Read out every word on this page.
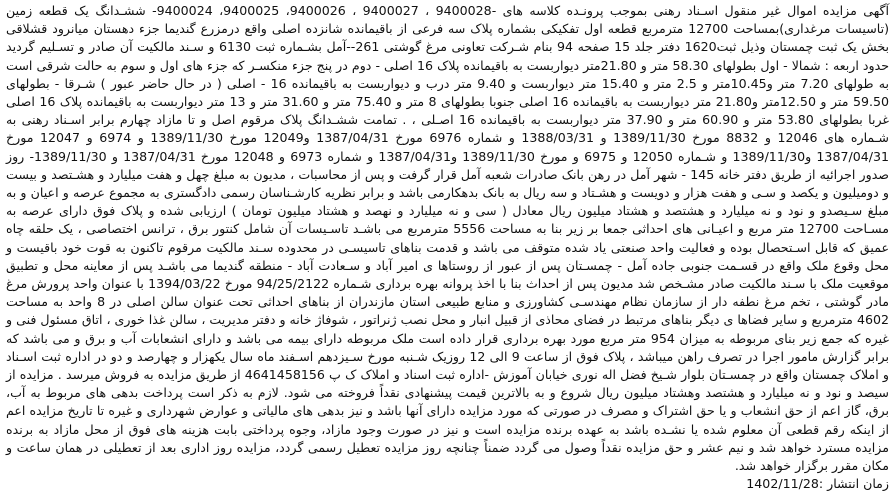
آگهی مزایده اموال غیر منقول اسـناد رهنی بموجب پرونـده کلاسه های -9400028 ، 9400027 ، 9400026، 9400025، 9400024- ششـدانگ یک قطعه زمین (تاسیسات مرغداری)بمساحت 12700 مترمربع قطعه اول تفکیکی بشماره پلاک سه فرعی از باقیمانده شانزده اصلی واقع درمزرع گندیما جزء دهستان میانرود قشلاقی بخش یک ثبت چمستان وذیل ثبت1620 دفتر جلد 15 صفحه 94 بنام شـرکت تعاونی مرغ گوشتی 261--آمل بشـماره ثبت 6130 و سـند مالکیت آن صادر و تسـلیم گردید حدود اربعه : شمالا - اول بطولهای 58.30 متر و 21.80متر دیواربست به باقیمانده پلاک 16 اصلی - دوم در پنج جزء منکسـر که جزء های اول و سوم به حالت شرقی است به طولهای 7.20 متر و10.45متر و 2.5 متر و 15.40 متر دیواربست و 9.40 متر درب و دیواربست به باقیمانده 16 - اصلی ( در حال حاضر عبور ) شـرقا - بطولهای 59.50 متر و 12.50متر و21.80 متر دیواربست به باقیمانده 16 اصلی جنوبا بطولهای 8 متر و 75.40 متر و 31.60 متر و 13 متر دیواربست به باقیمانده پلاک 16 اصلی غربا بطولهای 53.80 متر و 60.90 متر و 37.90 متر دیواربست به باقیمانده 16 اصـلی ، . تمامت ششـدانگ پلاک مرقوم اصل و تا مازاد چهارم برابر اسـناد رهنی به شـماره های 12046 و 8832 مورخ 1389/11/30 و 1388/03/31 و شماره 6976 مورخ 1387/04/31 و12049 مورخ 1389/11/30 و 6974 و 12047 مورخ 1387/04/31 و1389/11/30 و شـماره 12050 و 6975 و مورخ 1389/11/30 و1387/04/31 و شماره 6973 و 12048 مورخ 1387/04/31 و 1389/11/30- روز صدور اجرائیه از طریق دفتر خانه 145 - شهر آمل در رهن بانک صادرات شعبه آمل قرار گرفت و پس از محاسبات ، مدیون به مبلغ چهل و هفت میلیارد و هشـتصد و بیست و دومیلیون و یکصد و سـی و هفت هزار و دویست و هشـتاد و سه ریال به بانک بدهکارمی باشد و برابر نظریه کارشـناسان رسمی دادگستری به مجموع عرصه و اعیان و به مبلغ سـیصدو و نود و نه میلیارد و هشتصد و هشتاد میلیون ریال معادل ( سی و نه میلیارد و نهصد و هشتاد میلیون تومان ) ارزیابی شده و پلاک فوق دارای عرصه به مسـاحت 12700 متر مربع و اعیـانی های احداثی جمعا بر زیر بنا به مساحت 5556 مترمربع می باشـد تاسـیسات آن شامل کنتور برق ، ترانس اختصاصی ، یک حلقه چاه عمیق که قابل اسـتحصال بوده و فعالیت واحد صنعتی یاد شده متوقف می باشد و قدمت بناهای تاسیسـی در محدوده سـند مالکیت مرقوم تاکنون به قوت خود باقیست و محل وقوع ملک واقع در قسـمت جنوبی جاده آمل - چمسـتان پس از عبور از روستاها ی امیر آباد و سـعادت آباد - منطقه گندیما می باشـد پس از معاینه محل و تطبیق موقعیت ملک با سـند مالکیت صادر مشـخص شد مدیون پس از احداث بنا با اخذ پروانه بهره برداری شـماره 94/25/2122 مورخ 1394/03/22 با عنوان واحد پرورش مرغ مادر گوشتی ، تخم مرغ نطفه دار از سازمان نظام مهندسـی کشاورزی و منابع طبیعی استان مازندران از بناهای احداثی تحت عنوان سالن اصلی در 8 واحد به مساحت 4602 مترمربع و سایر فضاها ی دیگر بناهای مرتبط در فضای محاذی از قبیل انبار و محل نصب ژنراتور ، شوفاژ خانه و دفتر مدیریت ، سالن غذا خوری ، اتاق مسئول فنی و غیره که جمع زیر بنای مربوطه به میزان 954 متر مربع مورد بهره برداری قرار داده است ملک مربوطه دارای بیمه می باشد و دارای انشعابات آب و برق و می باشد که برابر گزارش مامور اجرا در تصرف راهن میباشد ، پلاک فوق از ساعت 9 الی 12 روزیک شـنبه مورخ سـیزدهم اسـفند ماه سال یکهزار و چهارصد و دو در اداره ثبت اسـناد و املاک چمستان واقع در چمسـتان بلوار شـیخ فضل اله نوری خیابان آموزش -اداره ثبت اسناد و املاک ک پ 4641458156 از طریق مزایده به فروش میرسد . مزایده از سیصد و نود و نه میلیارد و هشتصد وهشتاد میلیون ریال شروع و به بالاترین قیمت پیشنهادی نقداً فروخته می شود. لازم به ذکر است پرداخت بدهی های مربوط به آب، برق، گاز اعم از حق انشعاب و یا حق اشتراک و مصرف در صورتی که مورد مزایده دارای آنها باشد و نیز بدهی های مالیاتی و عوارض شهرداری و غیره تا تاریخ مزایده اعم از اینکه رقم قطعی آن معلوم شده یا نشـده باشد به عهده برنده مزایده است و نیز در صورت وجود مازاد، وجوه پرداختی بابت هزینه های فوق از محل مازاد به برنده مزایده مسترد خواهد شد و نیم عشر و حق مزایده نقداً وصول می گردد ضمناً چنانچه روز مزایده تعطیل رسمی گردد، مزایده روز اداری بعد از تعطیلی در همان ساعت و مکان مقرر برگزار خواهد شد.

زمان انتشار :1402/11/28
